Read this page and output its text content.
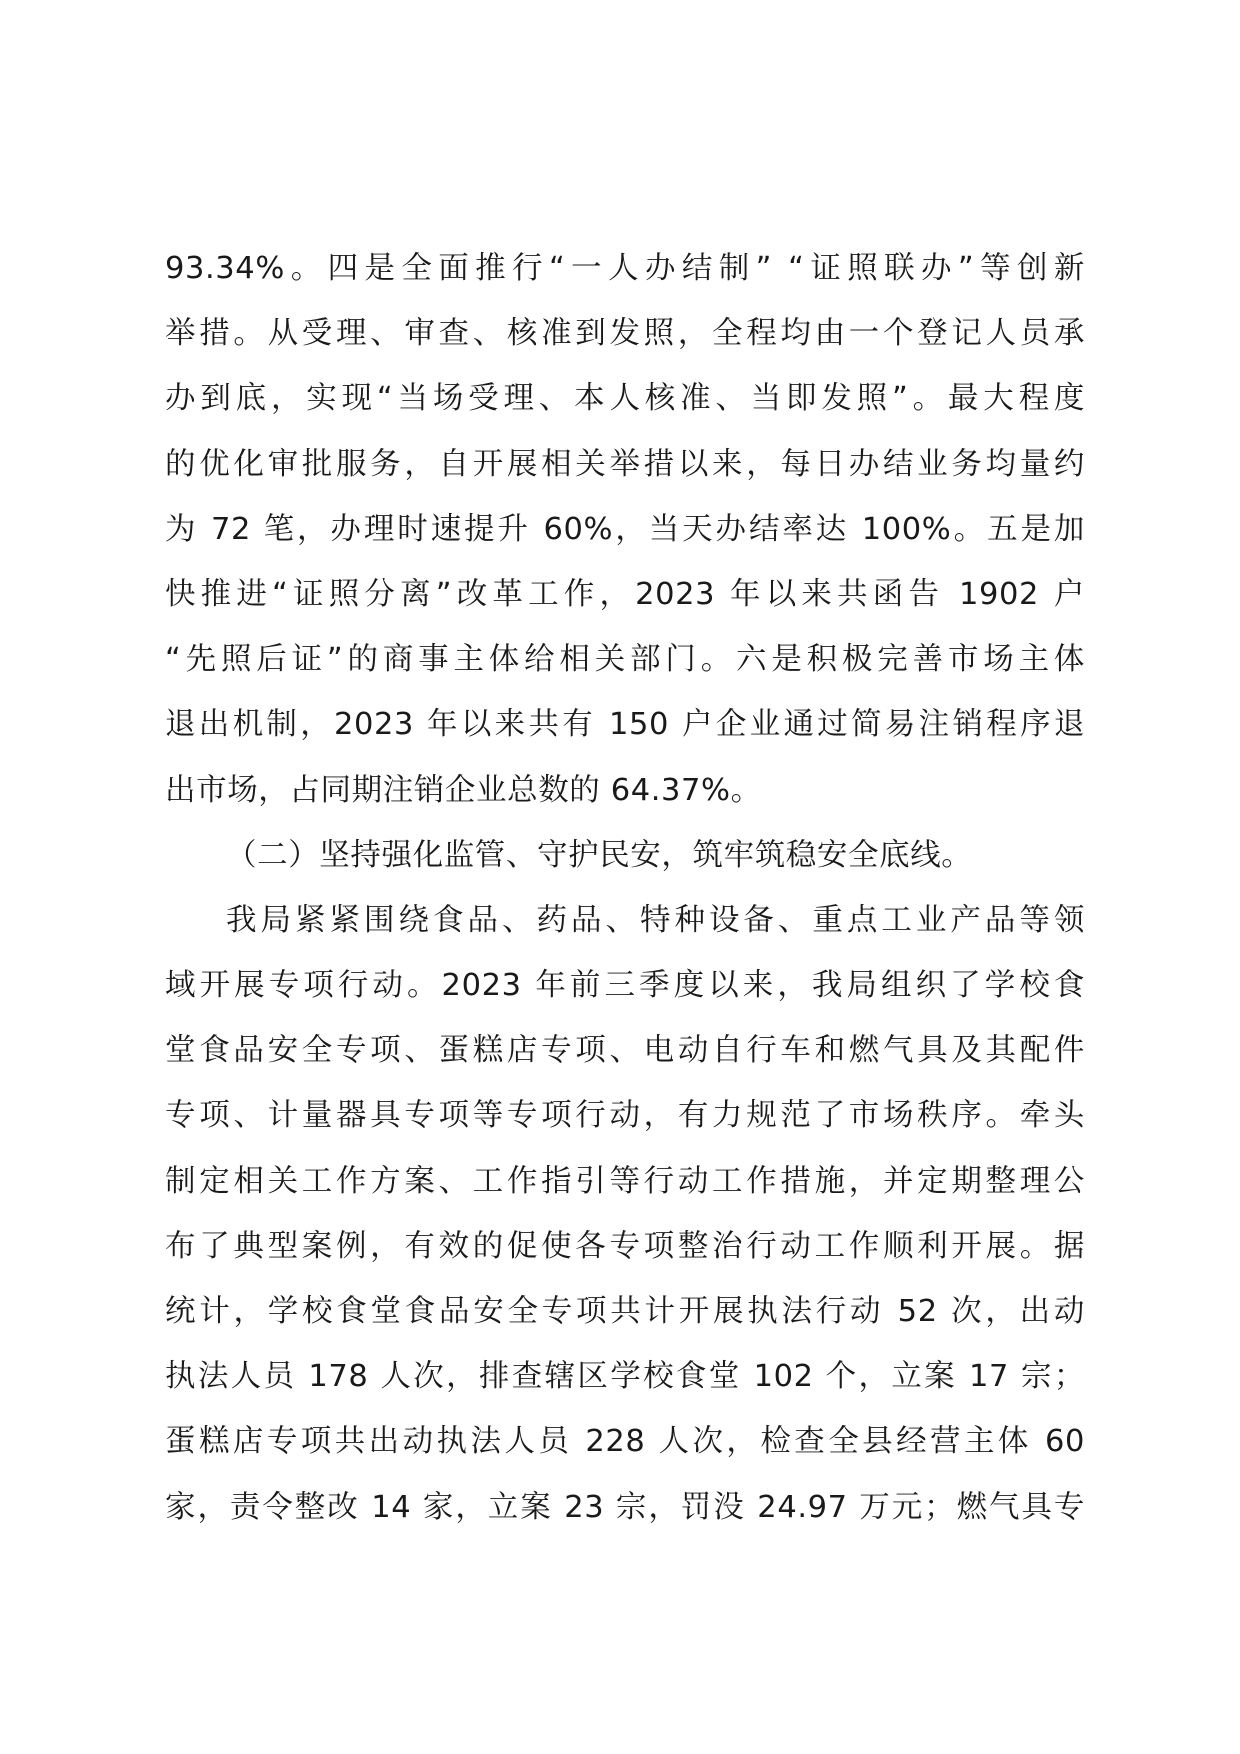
93.34%。四是全面推行“一人办结制” “证照联办”等创新
举措。从受理、审查、核准到发照，全程均由一个登记人员承
办到底，实现“当场受理、本人核准、当即发照”。最大程度
的优化审批服务，自开展相关举措以来，每日办结业务均量约
为 72 笔，办理时速提升 60%，当天办结率达 100%。五是加
快推进“证照分离”改革工作，2023 年以来共函告 1902 户
“先照后证”的商事主体给相关部门。六是积极完善市场主体
退出机制，2023 年以来共有 150 户企业通过简易注销程序退
出市场，占同期注销企业总数的 64.37%。
（二）坚持强化监管、守护民安，筑牢筑稳安全底线。
我局紧紧围绕食品、药品、特种设备、重点工业产品等领
域开展专项行动。2023 年前三季度以来，我局组织了学校食
堂食品安全专项、蛋糕店专项、电动自行车和燃气具及其配件
专项、计量器具专项等专项行动，有力规范了市场秩序。牵头
制定相关工作方案、工作指引等行动工作措施，并定期整理公
布了典型案例，有效的促使各专项整治行动工作顺利开展。据
统计，学校食堂食品安全专项共计开展执法行动 52 次，出动
执法人员 178 人次，排查辖区学校食堂 102 个，立案 17 宗；
蛋糕店专项共出动执法人员 228 人次，检查全县经营主体 60
家，责令整改 14 家，立案 23 宗，罚没 24.97 万元；燃气具专
